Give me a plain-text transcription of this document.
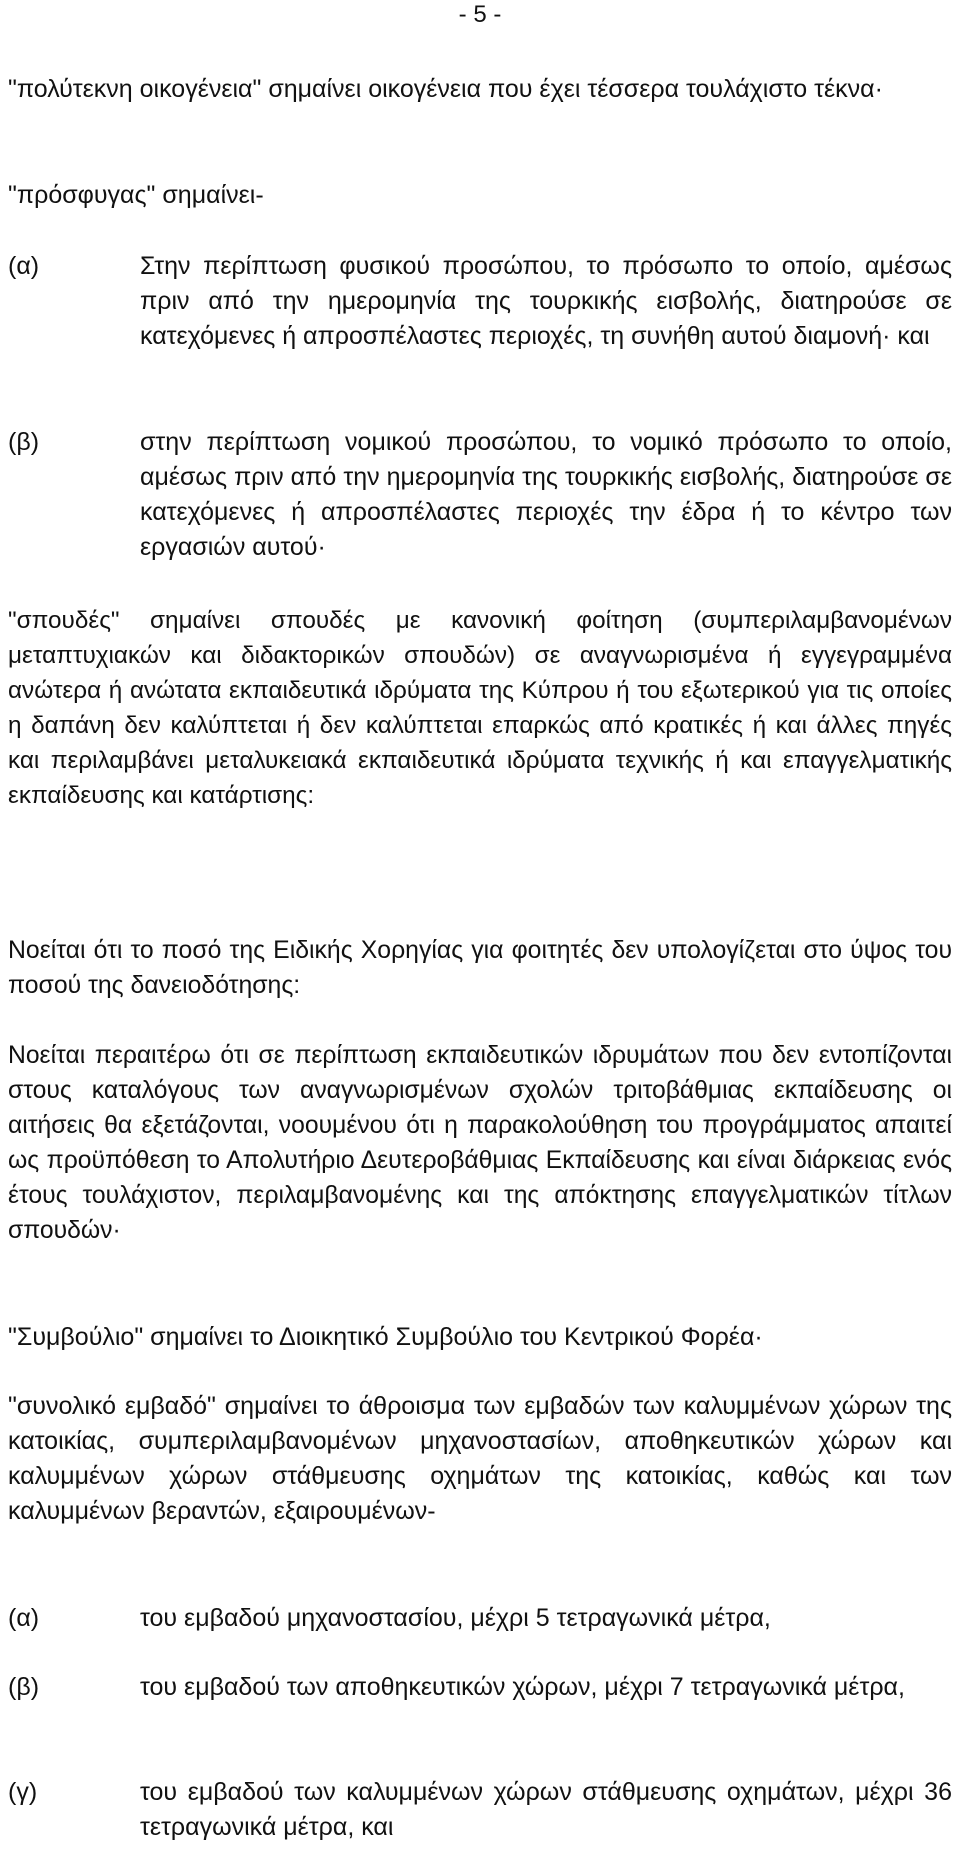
- 5 -
"πολύτεκνη οικογένεια" σημαίνει οικογένεια που έχει τέσσερα τουλάχιστο τέκνα·
"πρόσφυγας" σημαίνει-
(α)	Στην περίπτωση φυσικού προσώπου, το πρόσωπο το οποίο, αμέσως πριν από την ημερομηνία της τουρκικής εισβολής, διατηρούσε σε κατεχόμενες ή απροσπέλαστες περιοχές, τη συνήθη αυτού διαμονή· και
(β)	στην περίπτωση νομικού προσώπου, το νομικό πρόσωπο το οποίο, αμέσως πριν από την ημερομηνία της τουρκικής εισβολής, διατηρούσε σε κατεχόμενες ή απροσπέλαστες περιοχές την έδρα ή το κέντρο των εργασιών αυτού·
"σπουδές" σημαίνει σπουδές με κανονική φοίτηση (συμπεριλαμβανομένων μεταπτυχιακών και διδακτορικών σπουδών) σε αναγνωρισμένα ή εγγεγραμμένα ανώτερα ή ανώτατα εκπαιδευτικά ιδρύματα της Κύπρου ή του εξωτερικού για τις οποίες η δαπάνη δεν καλύπτεται ή δεν καλύπτεται επαρκώς από κρατικές ή και άλλες πηγές και περιλαμβάνει μεταλυκειακά εκπαιδευτικά ιδρύματα τεχνικής ή και επαγγελματικής εκπαίδευσης και κατάρτισης:
Νοείται ότι το ποσό της Ειδικής Χορηγίας για φοιτητές δεν υπολογίζεται στο ύψος του ποσού της δανειοδότησης:
Νοείται περαιτέρω ότι σε περίπτωση εκπαιδευτικών ιδρυμάτων που δεν εντοπίζονται στους καταλόγους των αναγνωρισμένων σχολών τριτοβάθμιας εκπαίδευσης οι αιτήσεις θα εξετάζονται, νοουμένου ότι η παρακολούθηση του προγράμματος απαιτεί ως προϋπόθεση το Απολυτήριο Δευτεροβάθμιας Εκπαίδευσης και είναι διάρκειας ενός έτους τουλάχιστον, περιλαμβανομένης και της απόκτησης επαγγελματικών τίτλων σπουδών·
"Συμβούλιο" σημαίνει το Διοικητικό Συμβούλιο του Κεντρικού Φορέα·
"συνολικό εμβαδό" σημαίνει το άθροισμα των εμβαδών των καλυμμένων χώρων της κατοικίας, συμπεριλαμβανομένων μηχανοστασίων, αποθηκευτικών χώρων και καλυμμένων χώρων στάθμευσης οχημάτων της κατοικίας, καθώς και των καλυμμένων βεραντών, εξαιρουμένων-
(α)	του εμβαδού μηχανοστασίου, μέχρι 5 τετραγωνικά μέτρα,
(β)	του εμβαδού των αποθηκευτικών χώρων, μέχρι 7 τετραγωνικά μέτρα,
(γ)	του εμβαδού των καλυμμένων χώρων στάθμευσης οχημάτων, μέχρι 36 τετραγωνικά μέτρα, και
